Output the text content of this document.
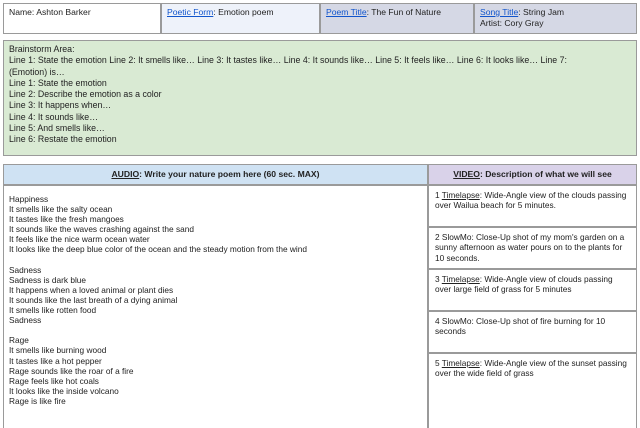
Name: Ashton Barker	Poetic Form: Emotion poem	Poem Title: The Fun of Nature	Song Title: String Jam
Artist: Cory Gray
Brainstorm Area:
Line 1: State the emotion Line 2: It smells like… Line 3: It tastes like… Line 4: It sounds like… Line 5: It feels like… Line 6: It looks like… Line 7:
(Emotion) is…
Line 1: State the emotion
Line 2: Describe the emotion as a color
Line 3: It happens when…
Line 4: It sounds like…
Line 5: And smells like…
Line 6: Restate the emotion
AUDIO: Write your nature poem here (60 sec. MAX)	VIDEO: Description of what we will see
Happiness
It smells like the salty ocean
It tastes like the fresh mangoes
It sounds like the waves crashing against the sand
It feels like the nice warm ocean water
It looks like the deep blue color of the ocean and the steady motion from the wind
Sadness
Sadness is dark blue
It happens when a loved animal or plant dies
It sounds like the last breath of a dying animal
It smells like rotten food
Sadness
Rage
It smells like burning wood
It tastes like a hot pepper
Rage sounds like the roar of a fire
Rage feels like hot coals
It looks like the inside volcano
Rage is like fire
1 Timelapse: Wide-Angle view of the clouds passing over Wailua beach for 5 minutes.
2 SlowMo: Close-Up shot of my mom's garden on a sunny afternoon as water pours on to the plants for 10 seconds.
3 Timelapse: Wide-Angle view of clouds passing over large field of grass for 5 minutes
4 SlowMo: Close-Up shot of fire burning for 10 seconds
5 Timelapse: Wide-Angle view of the sunset passing over the wide field of grass
